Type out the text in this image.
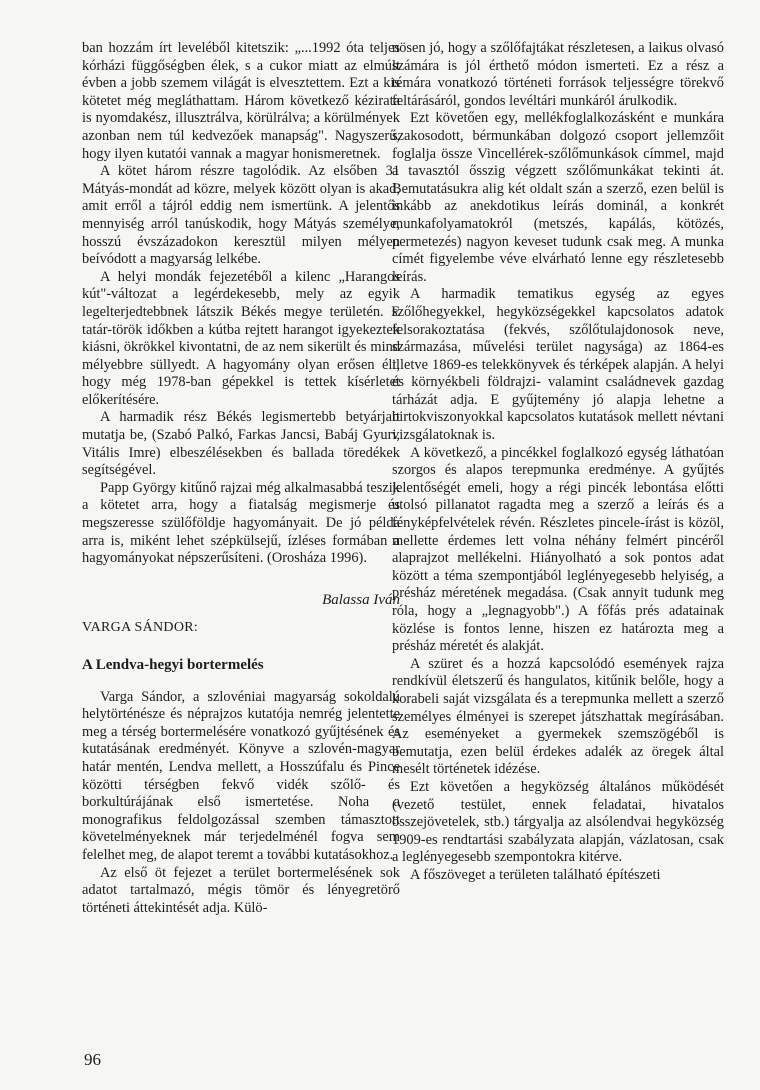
ban hozzám írt leveléből kitetszik: „...1992 óta teljes kórházi függőségben élek, s a cukor miatt az elmúlt évben a jobb szemem világát is elvesztettem. Ezt a kis kötetet még megláthattam. Három következő kézirata is nyomdakész, illusztrálva, körülrálva; a körülmények azonban nem túl kedvezőek manapság". Nagyszerű, hogy ilyen kutatói vannak a magyar honismeretnek.

A kötet három részre tagolódik. Az elsőben 31 Mátyás-mondát ad közre, melyek között olyan is akad, amit erről a tájról eddig nem ismertünk. A jelentős mennyiség arról tanúskodik, hogy Mátyás személye, hosszú évszázadokon keresztül milyen mélyen beívódott a magyarság lelkébe.

A helyi mondák fejezetéből a kilenc „Harangos kút"-változat a legérdekesebb, mely az egyik legelterjedtebbnek látszik Békés megye területén. E tatár-török időkben a kútba rejtett harangot igyekeztek kiásni, ökrökkel kivontatni, de az nem sikerült és mind mélyebbre süllyedt. A hagyomány olyan erősen élt, hogy még 1978-ban gépekkel is tettek kísérletet előkerítésére.

A harmadik rész Békés legismertebb betyárjait mutatja be, (Szabó Palkó, Farkas Jancsi, Babáj Gyuri, Vitális Imre) elbeszélésekben és ballada töredékek segítségével.

Papp György kitűnő rajzai még alkalmasabbá teszik a kötetet arra, hogy a fiatalság megismerje és megszeresse szülőföldje hagyományait. De jó példa arra is, miként lehet szépkülsejű, ízléses formában a hagyományokat népszerűsíteni. (Orosháza 1996).

Balassa Iván
VARGA SÁNDOR:
A Lendva-hegyi bortermelés

Varga Sándor, a szlovéniai magyarság sokoldalú helytörténésze és néprajzos kutatója nemrég jelentette meg a térség bortermelésére vonatkozó gyűjtésének és kutatásának eredményét. Könyve a szlovén-magyar határ mentén, Lendva mellett, a Hosszúfalu és Pince közötti térségben fekvő vidék szőlő- és borkultúrájának első ismertetése. Noha a monografikus feldolgozással szemben támasztott követelményeknek már terjedelménél fogva sem felelhet meg, de alapot teremt a további kutatásokhoz.

Az első öt fejezet a terület bortermelésének sok adatot tartalmazó, mégis tömör és lényegretörő történeti áttekintését adja. Külö-

nösen jó, hogy a szőlőfajtákat részletesen, a laikus olvasó számára is jól érthető módon ismerteti. Ez a rész a témára vonatkozó történeti források teljességre törekvő feltárásáról, gondos levéltári munkáról árulkodik.

Ezt követően egy, mellékfoglalkozásként e munkára szakosodott, bérmunkában dolgozó csoport jellemzőit foglalja össze Vincellérek-szőlőmunkások címmel, majd a tavasztól ősszig végzett szőlőmunkákat tekinti át. Bemutatásukra alig két oldalt szán a szerző, ezen belül is inkább az anekdotikus leírás dominál, a konkrét munkafolyamatokról (metszés, kapálás, kötözés, permetezés) nagyon keveset tudunk csak meg. A munka címét figyelembe véve elvárható lenne egy részletesebb leírás.

A harmadik tematikus egység az egyes szőlőhegyekkel, hegyközségekkel kapcsolatos adatok felsorakoztatása (fekvés, szőlőtulajdonosok neve, származása, művelési terület nagysága) az 1864-es illetve 1869-es telekkönyvek és térképek alapján. A helyi és környékbeli földrajzi- valamint családnevek gazdag tárházát adja. E gyűjtemény jó alapja lehetne a birtokviszonyokkal kapcsolatos kutatások mellett névtani vizsgálatoknak is.

A következő, a pincékkel foglalkozó egység láthatóan szorgos és alapos terepmunka eredménye. A gyűjtés jelentőségét emeli, hogy a régi pincék lebontása előtti utolsó pillanatot ragadta meg a szerző a leírás és a fényképfelvételek révén. Részletes pincele-írást is közöl, mellette érdemes lett volna néhány felmért pincéről alaprajzot mellékelni. Hiányolható a sok pontos adat között a téma szempontjából leglényegesebb helyiség, a présház méretének megadása. (Csak annyit tudunk meg róla, hogy a „legnagyobb".) A főfás prés adatainak közlése is fontos lenne, hiszen ez határozta meg a présház méretét és alakját.

A szüret és a hozzá kapcsolódó események rajza rendkívül életszerű és hangulatos, kitűnik belőle, hogy a korabeli saját vizsgálata és a terepmunka mellett a szerző személyes élményei is szerepet játszhattak megírásában. Az eseményeket a gyermekek szemszögéből is bemutatja, ezen belül érdekes adalék az öregek által mesélt történetek idézése.

Ezt követően a hegyközség általános működését (vezető testület, ennek feladatai, hivatalos összejövetelek, stb.) tárgyalja az alsólendvai hegyközség 1909-es rendtartási szabályzata alapján, vázlatosan, csak a leglényegesebb szempontokra kitérve.

A főszöveget a területen található építészeti

96
